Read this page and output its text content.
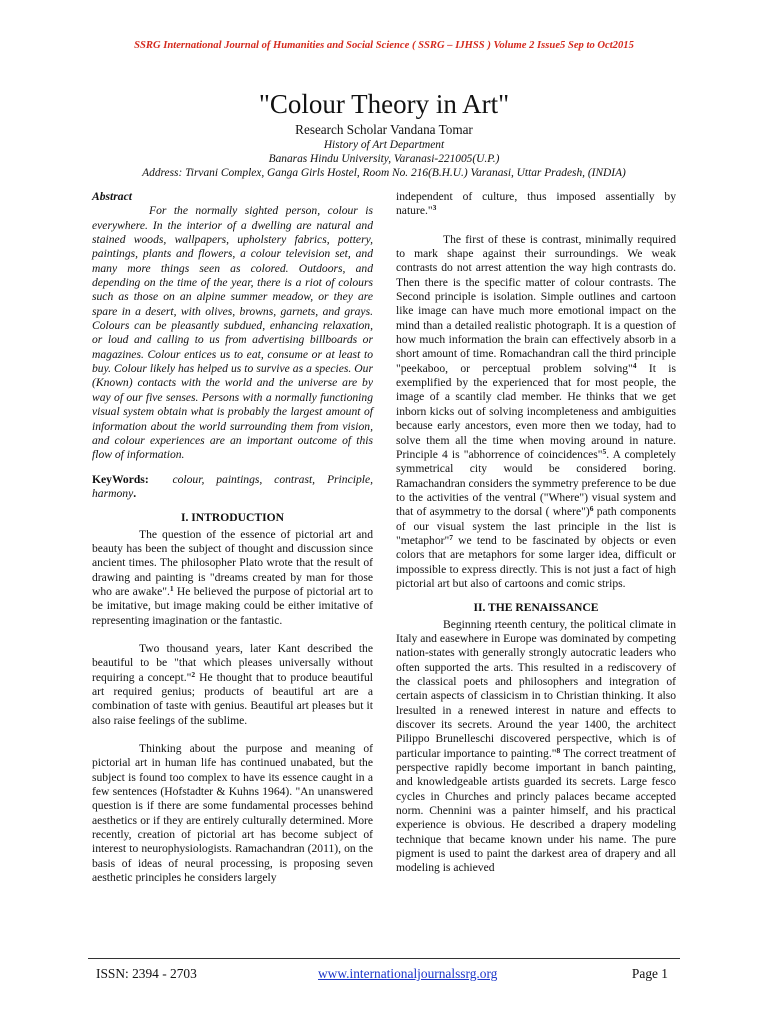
SSRG International Journal of Humanities and Social Science ( SSRG – IJHSS ) Volume 2 Issue5 Sep to Oct2015
"Colour Theory in Art"
Research Scholar Vandana Tomar
History of Art Department
Banaras Hindu University, Varanasi-221005(U.P.)
Address: Tirvani Complex, Ganga Girls Hostel, Room No. 216(B.H.U.) Varanasi, Uttar Pradesh, (INDIA)

Abstract

For the normally sighted person, colour is everywhere. In the interior of a dwelling are natural and stained woods, wallpapers, upholstery fabrics, pottery, paintings, plants and flowers, a colour television set, and many more things seen as colored. Outdoors, and depending on the time of the year, there is a riot of colours such as those on an alpine summer meadow, or they are spare in a desert, with olives, browns, garnets, and grays. Colours can be pleasantly subdued, enhancing relaxation, or loud and calling to us from advertising billboards or magazines. Colour entices us to eat, consume or at least to buy. Colour likely has helped us to survive as a species. Our (Known) contacts with the world and the universe are by way of our five senses. Persons with a normally functioning visual system obtain what is probably the largest amount of information about the world surrounding them from vision, and colour experiences are an important outcome of this flow of information.

KeyWords: colour, paintings, contrast, Principle, harmony.

I. INTRODUCTION

The question of the essence of pictorial art and beauty has been the subject of thought and discussion since ancient times. The philosopher Plato wrote that the result of drawing and painting is "dreams created by man for those who are awake".$^1$ He believed the purpose of pictorial art to be imitative, but image making could be either imitative of representing imagination or the fantastic.

Two thousand years, later Kant described the beautiful to be "that which pleases universally without requiring a concept."$^2$ He thought that to produce beautiful art required genius; products of beautiful art are a combination of taste with genius. Beautiful art pleases but it also raise feelings of the sublime.

Thinking about the purpose and meaning of pictorial art in human life has continued unabated, but the subject is found too complex to have its essence caught in a few sentences (Hofstadter & Kuhns 1964). "An unanswered question is if there are some fundamental processes behind aesthetics or if they are entirely culturally determined. More recently, creation of pictorial art has become subject of interest to neurophysiologists. Ramachandran (2011), on the basis of ideas of neural processing, is proposing seven aesthetic principles he considers largely

independent of culture, thus imposed assentially by nature."$^3$

The first of these is contrast, minimally required to mark shape against their surroundings. We weak contrasts do not arrest attention the way high contrasts do. Then there is the specific matter of colour contrasts. The Second principle is isolation. Simple outlines and cartoon like image can have much more emotional impact on the mind than a detailed realistic photograph. It is a question of how much information the brain can effectively absorb in a short amount of time. Romachandran call the third principle "peekaboo, or perceptual problem solving"$^4$ It is exemplified by the experienced that for most people, the image of a scantily clad member. He thinks that we get inborn kicks out of solving incompleteness and ambiguities because early ancestors, even more then we today, had to solve them all the time when moving around in nature. Principle 4 is "abhorrence of coincidences"$^5$. A completely symmetrical city would be considered boring. Ramachandran considers the symmetry preference to be due to the activities of the ventral ("Where") visual system and that of asymmetry to the dorsal ( where")$^6$ path components of our visual system the last principle in the list is "metaphor"$^7$ we tend to be fascinated by objects or even colors that are metaphors for some larger idea, difficult or impossible to express directly. This is not just a fact of high pictorial art but also of cartoons and comic strips.

II. THE RENAISSANCE

Beginning rteenth century, the political climate in Italy and easewhere in Europe was dominated by competing nation-states with generally strongly autocratic leaders who often supported the arts. This resulted in a rediscovery of the classical poets and philosophers and integration of certain aspects of classicism in to Christian thinking. It also lresulted in a renewed interest in nature and effects to discover its secrets. Around the year 1400, the architect Pilippo Brunelleschi discovered perspective, which is of particular importance to painting."$^8$ The correct treatment of perspective rapidly become important in banch painting, and knowledgeable artists guarded its secrets. Large fesco cycles in Churches and princly palaces became accepted norm. Chennini was a painter himself, and his practical experience is obvious. He described a drapery modeling technique that became known under his name. The pure pigment is used to paint the darkest area of drapery and all modeling is achieved

ISSN: 2394 - 2703	www.internationaljournalssrg.org	Page 1
